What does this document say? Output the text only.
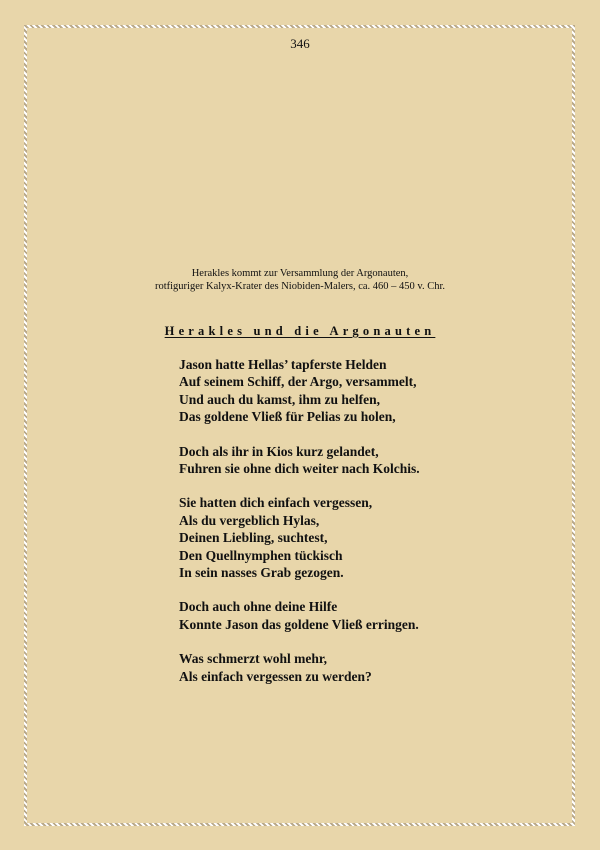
346
Herakles kommt zur Versammlung der Argonauten,
rotfiguriger Kalyx-Krater des Niobiden-Malers, ca. 460 – 450 v. Chr.
Herakles und die Argonauten
Jason hatte Hellas’ tapferste Helden
Auf seinem Schiff, der Argo, versammelt,
Und auch du kamst, ihm zu helfen,
Das goldene Vließ für Pelias zu holen,
Doch als ihr in Kios kurz gelandet,
Fuhren sie ohne dich weiter nach Kolchis.
Sie hatten dich einfach vergessen,
Als du vergeblich Hylas,
Deinen Liebling, suchtest,
Den Quellnymphen tückisch
In sein nasses Grab gezogen.
Doch auch ohne deine Hilfe
Konnte Jason das goldene Vließ erringen.
Was schmerzt wohl mehr,
Als einfach vergessen zu werden?
